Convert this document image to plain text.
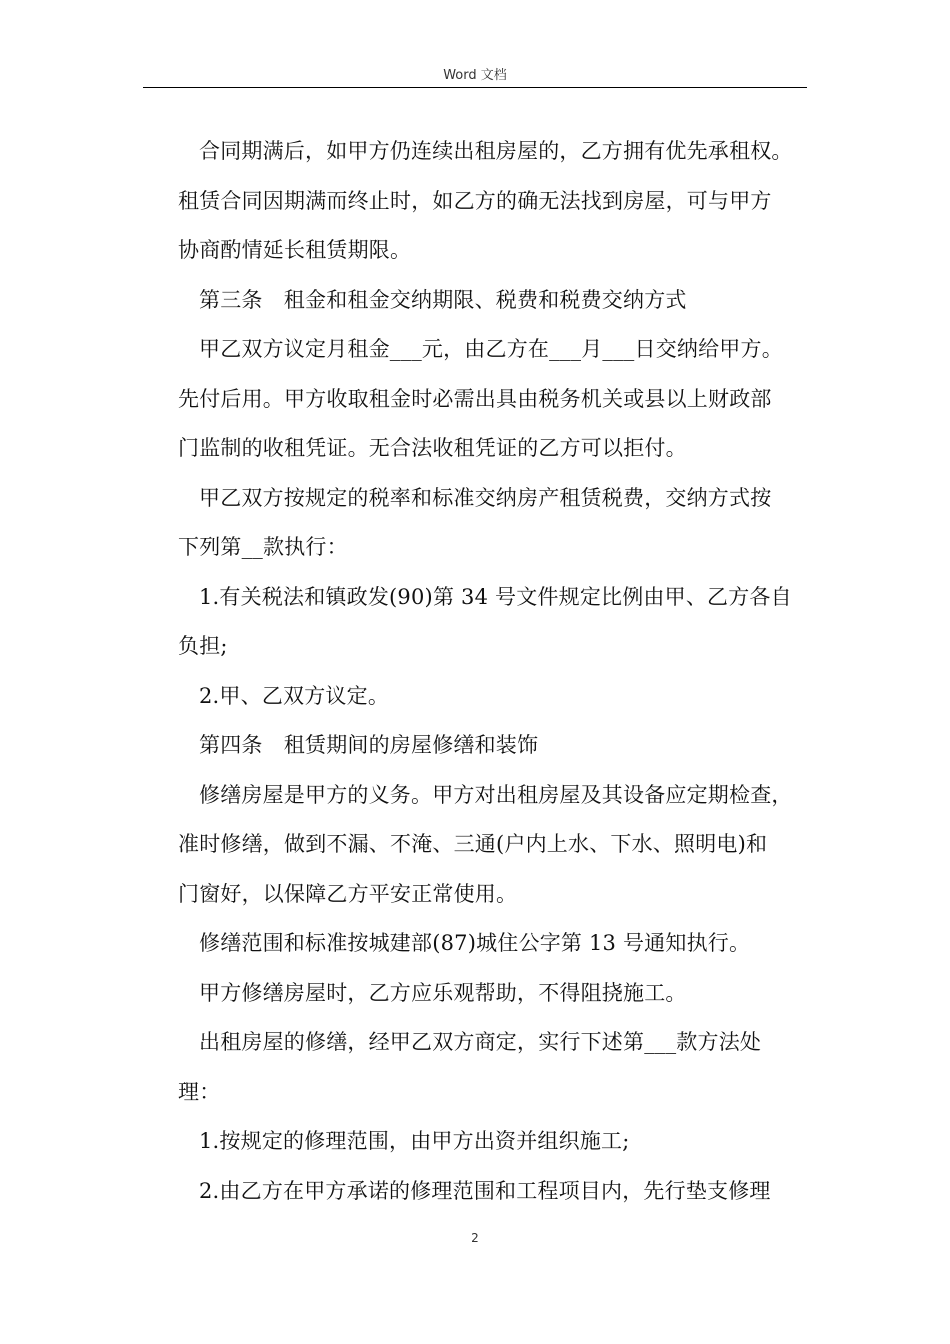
Word 文档
合同期满后，如甲方仍连续出租房屋的，乙方拥有优先承租权。
租赁合同因期满而终止时，如乙方的确无法找到房屋，可与甲方
协商酌情延长租赁期限。
第三条　租金和租金交纳期限、税费和税费交纳方式
甲乙双方议定月租金___元，由乙方在___月___日交纳给甲方。
先付后用。甲方收取租金时必需出具由税务机关或县以上财政部
门监制的收租凭证。无合法收租凭证的乙方可以拒付。
甲乙双方按规定的税率和标准交纳房产租赁税费，交纳方式按
下列第__款执行：
1.有关税法和镇政发(90)第 34 号文件规定比例由甲、乙方各自
负担;
2.甲、乙双方议定。
第四条　租赁期间的房屋修缮和装饰
修缮房屋是甲方的义务。甲方对出租房屋及其设备应定期检查，
准时修缮，做到不漏、不淹、三通(户内上水、下水、照明电)和
门窗好，以保障乙方平安正常使用。
修缮范围和标准按城建部(87)城住公字第 13 号通知执行。
甲方修缮房屋时，乙方应乐观帮助，不得阻挠施工。
出租房屋的修缮，经甲乙双方商定，实行下述第___款方法处
理：
1.按规定的修理范围，由甲方出资并组织施工;
2.由乙方在甲方承诺的修理范围和工程项目内，先行垫支修理
2
